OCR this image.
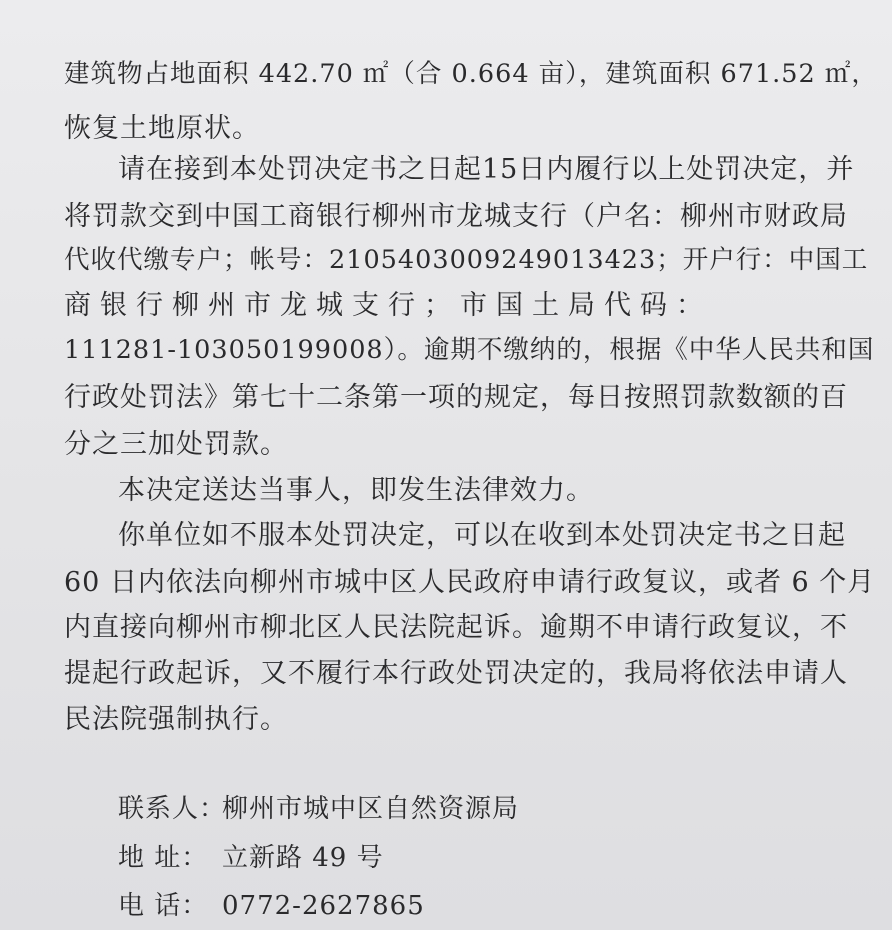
建筑物占地面积 442.70 ㎡（合 0.664 亩），建筑面积 671.52 ㎡，
恢复土地原状。
请在接到本处罚决定书之日起15日内履行以上处罚决定，并
将罚款交到中国工商银行柳州市龙城支行（户名：柳州市财政局
代收代缴专户；帐号：2105403009249013423；开户行：中国工
商银行柳州市龙城支行；市国土局代码：
111281-103050199008）。逾期不缴纳的，根据《中华人民共和国
行政处罚法》第七十二条第一项的规定，每日按照罚款数额的百
分之三加处罚款。
本决定送达当事人，即发生法律效力。
你单位如不服本处罚决定，可以在收到本处罚决定书之日起
60 日内依法向柳州市城中区人民政府申请行政复议，或者 6 个月
内直接向柳州市柳北区人民法院起诉。逾期不申请行政复议，不
提起行政起诉，又不履行本行政处罚决定的，我局将依法申请人
民法院强制执行。
联系人：柳州市城中区自然资源局
地 址： 立新路 49 号
电 话： 0772-2627865
